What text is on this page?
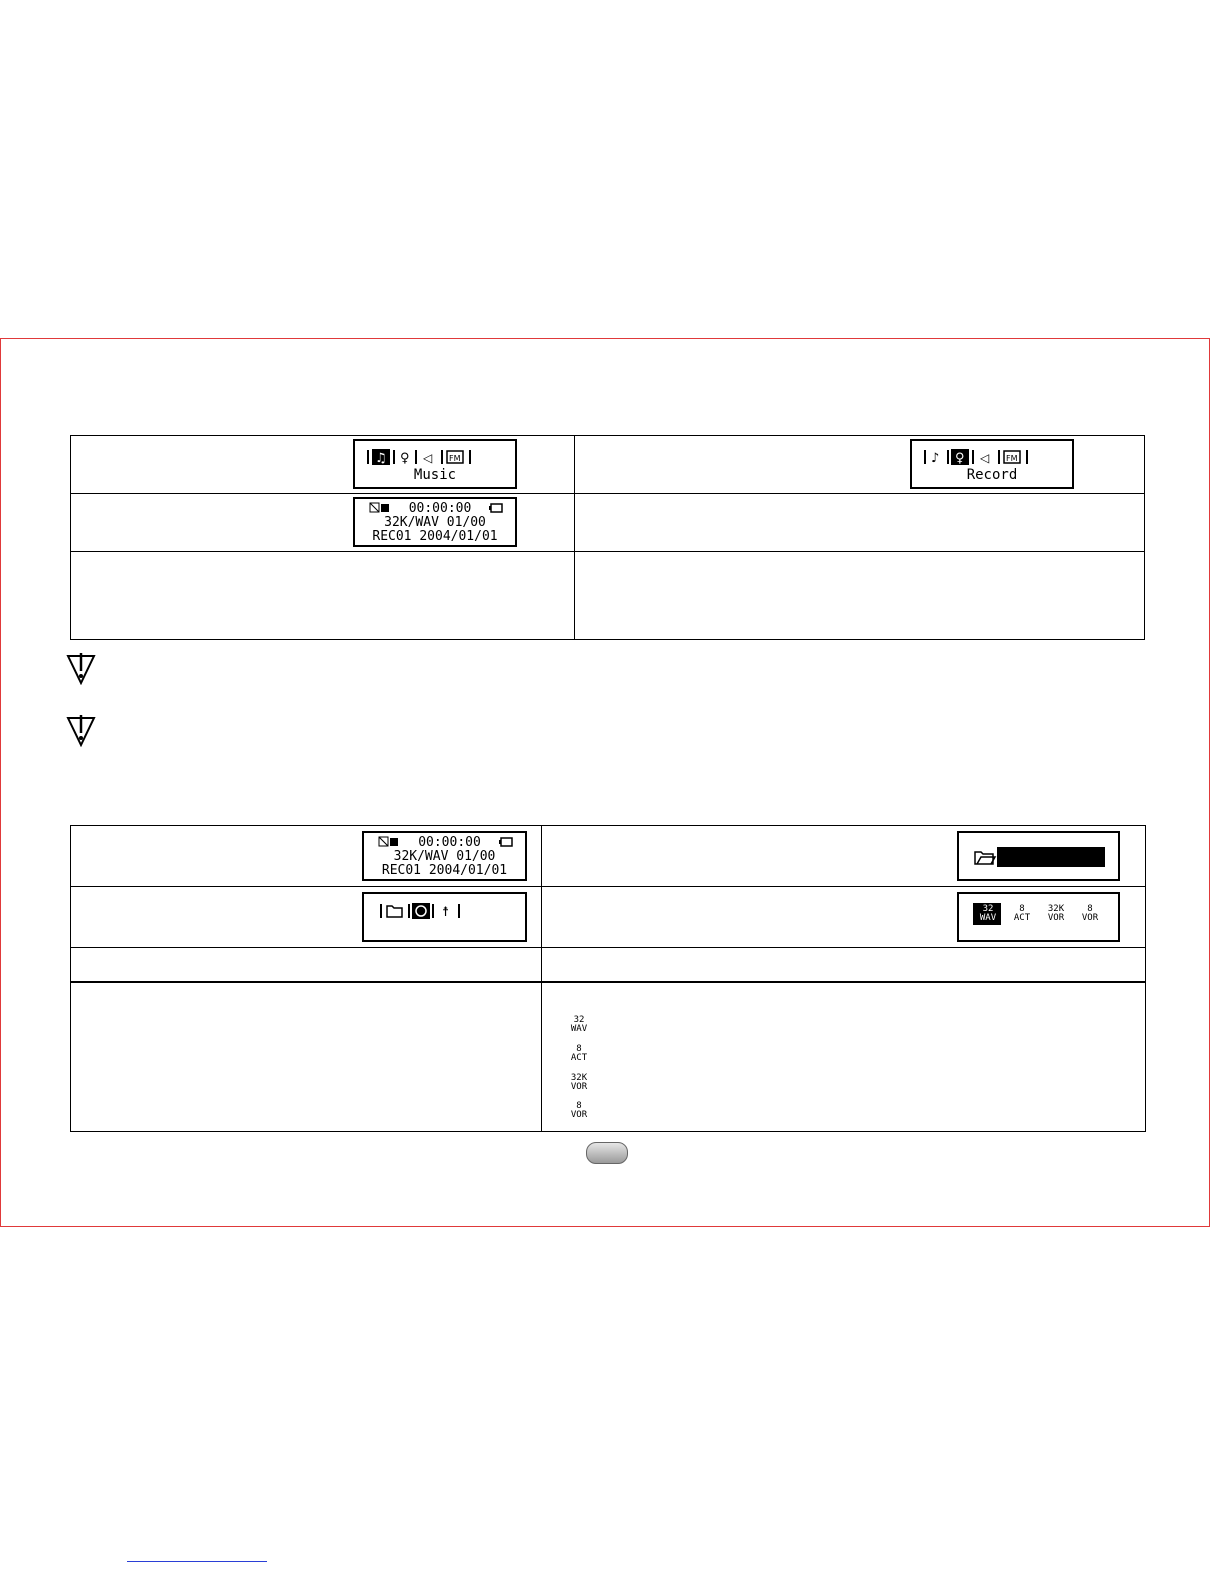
♫ ♀ ◁ FM
Music
♪ ♀ ◁ FM
Record
00:00:00
32K/WAV 01/00
REC01 2004/01/01
00:00:00
32K/WAV 01/00
REC01 2004/01/01
☨	32
WAV
8
ACT
32K
VOR
8
VOR
32
WAV
8
ACT
32K
VOR
8
VOR
